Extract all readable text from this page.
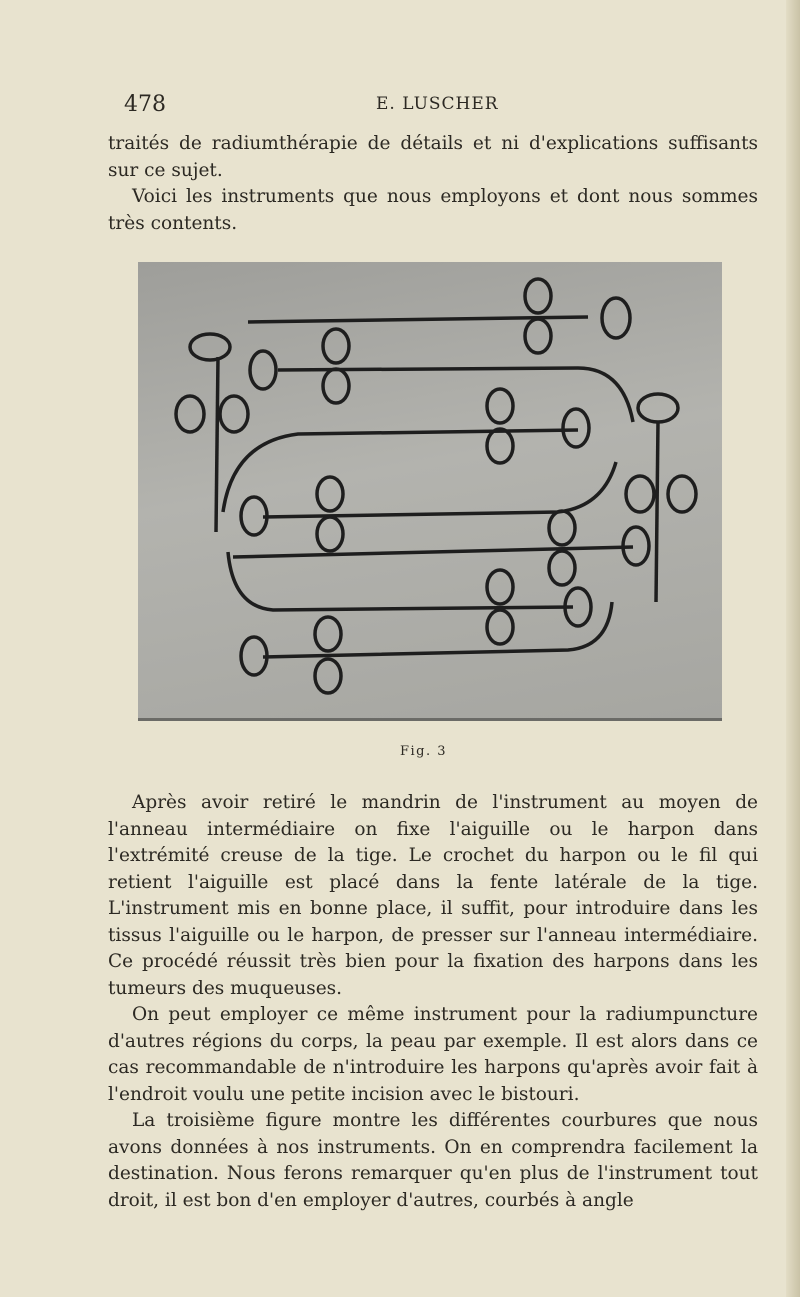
478	E. LUSCHER

traités de radiumthérapie de détails et ni d'explications suffisants sur ce sujet.

Voici les instruments que nous employons et dont nous sommes très contents.

Fig. 3

Après avoir retiré le mandrin de l'instrument au moyen de l'anneau intermédiaire on fixe l'aiguille ou le harpon dans l'extrémité creuse de la tige. Le crochet du harpon ou le fil qui retient l'aiguille est placé dans la fente latérale de la tige. L'instrument mis en bonne place, il suffit, pour introduire dans les tissus l'aiguille ou le harpon, de presser sur l'anneau intermédiaire. Ce procédé réussit très bien pour la fixation des harpons dans les tumeurs des muqueuses.

On peut employer ce même instrument pour la radiumpuncture d'autres régions du corps, la peau par exemple. Il est alors dans ce cas recommandable de n'introduire les harpons qu'après avoir fait à l'endroit voulu une petite incision avec le bistouri.

La troisième figure montre les différentes courbures que nous avons données à nos instruments. On en comprendra facilement la destination. Nous ferons remarquer qu'en plus de l'instrument tout droit, il est bon d'en employer d'autres, courbés à angle
